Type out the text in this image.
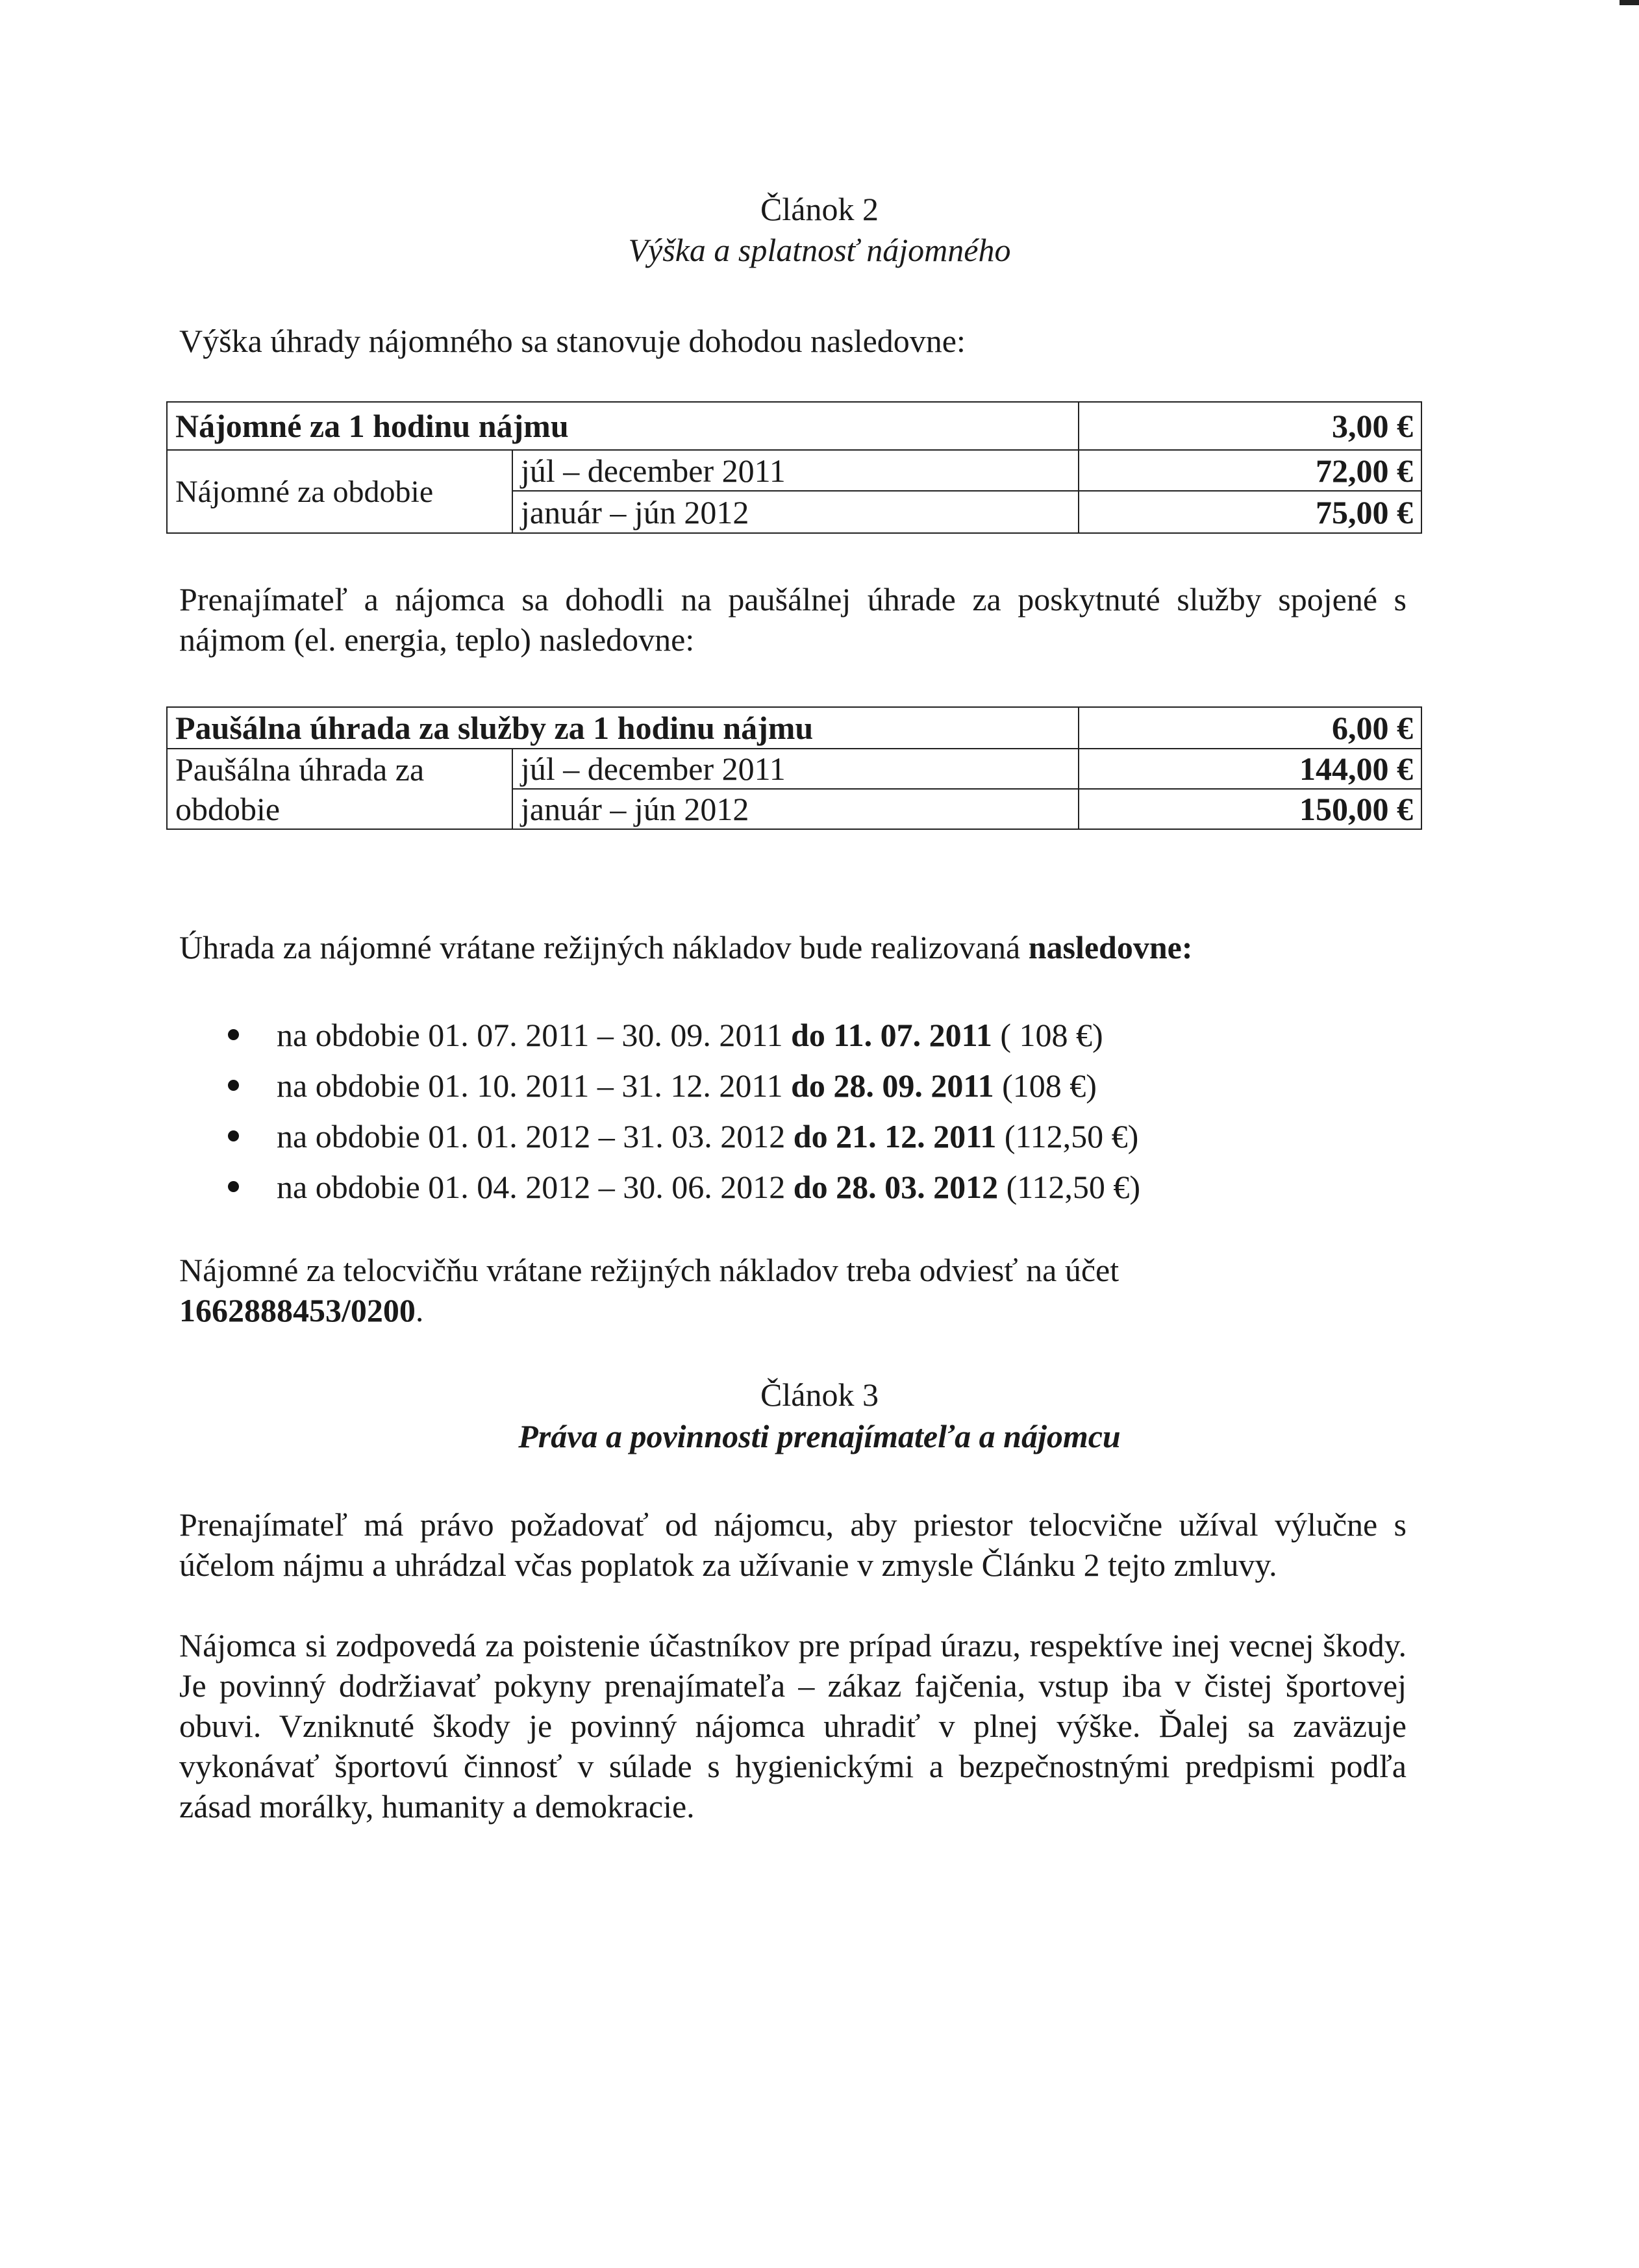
Článok 2
Výška a splatnosť nájomného
Výška úhrady nájomného sa stanovuje dohodou nasledovne:
Nájomné za 1 hodinu nájmu		3,00 €
Nájomné za obdobie	júl – december 2011	72,00 €
	január – jún 2012	75,00 €
Prenajímateľ a nájomca sa dohodli na paušálnej úhrade za poskytnuté služby spojené s nájmom (el. energia, teplo) nasledovne:
Paušálna úhrada za služby za 1 hodinu nájmu		6,00 €
Paušálna úhrada za	júl – december 2011	144,00 €
obdobie	január – jún 2012	150,00 €
Úhrada za nájomné vrátane režijných nákladov bude realizovaná nasledovne:
na obdobie 01. 07. 2011 – 30. 09. 2011 do 11. 07. 2011 ( 108 €)
na obdobie 01. 10. 2011 – 31. 12. 2011 do 28. 09. 2011 (108 €)
na obdobie 01. 01. 2012 – 31. 03. 2012 do 21. 12. 2011 (112,50 €)
na obdobie 01. 04. 2012 – 30. 06. 2012 do 28. 03. 2012 (112,50 €)
Nájomné za telocvičňu vrátane režijných nákladov treba odviesť na účet
1662888453/0200.
Článok 3
Práva a povinnosti prenajímateľa a nájomcu
Prenajímateľ má právo požadovať od nájomcu, aby priestor telocvične užíval výlučne s účelom nájmu a uhrádzal včas poplatok za užívanie v zmysle Článku 2 tejto zmluvy.
Nájomca si zodpovedá za poistenie účastníkov pre prípad úrazu, respektíve inej vecnej škody. Je povinný dodržiavať pokyny prenajímateľa – zákaz fajčenia, vstup iba v čistej športovej obuvi. Vzniknuté škody je povinný nájomca uhradiť v plnej výške. Ďalej sa zaväzuje vykonávať športovú činnosť v súlade s hygienickými a bezpečnostnými predpismi podľa zásad morálky, humanity a demokracie.
